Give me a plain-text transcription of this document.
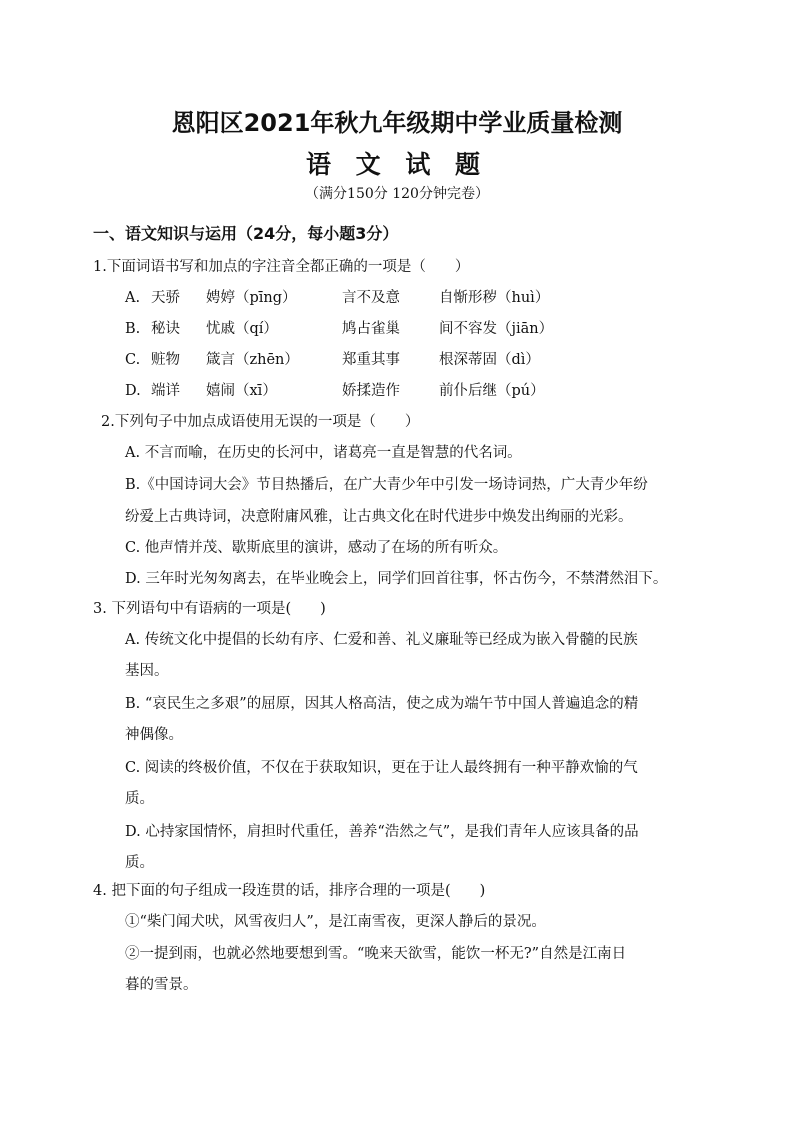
恩阳区2021年秋九年级期中学业质量检测
语 文 试 题
（满分150分 120分钟完卷）
一、语文知识与运用（24分，每小题3分）
1.下面词语书写和加点的字注音全都正确的一项是（　　）
A. 天骄 娉婷（pīng）	言不及意	自惭形秽（huì）
B. 秘诀 忧戚（qí）	鸠占雀巢	间不容发（jiān）
C. 赃物 箴言（zhēn）	郑重其事	根深蒂固（dì）
D. 端详 嬉闹（xī）	娇揉造作	前仆后继（pú）
2.下列句子中加点成语使用无误的一项是（　　）
A. 不言而喻，在历史的长河中，诸葛亮一直是智慧的代名词。
B.《中国诗词大会》节目热播后，在广大青少年中引发一场诗词热，广大青少年纷
纷爱上古典诗词，决意附庸风雅，让古典文化在时代进步中焕发出绚丽的光彩。
C. 他声情并茂、歇斯底里的演讲，感动了在场的所有听众。
D. 三年时光匆匆离去，在毕业晚会上，同学们回首往事，怀古伤今，不禁潸然泪下。
3. 下列语句中有语病的一项是(　　)
A. 传统文化中提倡的长幼有序、仁爱和善、礼义廉耻等已经成为嵌入骨髓的民族
基因。
B. “哀民生之多艰”的屈原，因其人格高洁，使之成为端午节中国人普遍追念的精
神偶像。
C. 阅读的终极价值，不仅在于获取知识，更在于让人最终拥有一种平静欢愉的气
质。
D. 心持家国情怀，肩担时代重任，善养“浩然之气”，是我们青年人应该具备的品
质。
4. 把下面的句子组成一段连贯的话，排序合理的一项是(　　)
①“柴门闻犬吠，风雪夜归人”，是江南雪夜，更深人静后的景况。
②一提到雨，也就必然地要想到雪。“晚来天欲雪，能饮一杯无?”自然是江南日
暮的雪景。
